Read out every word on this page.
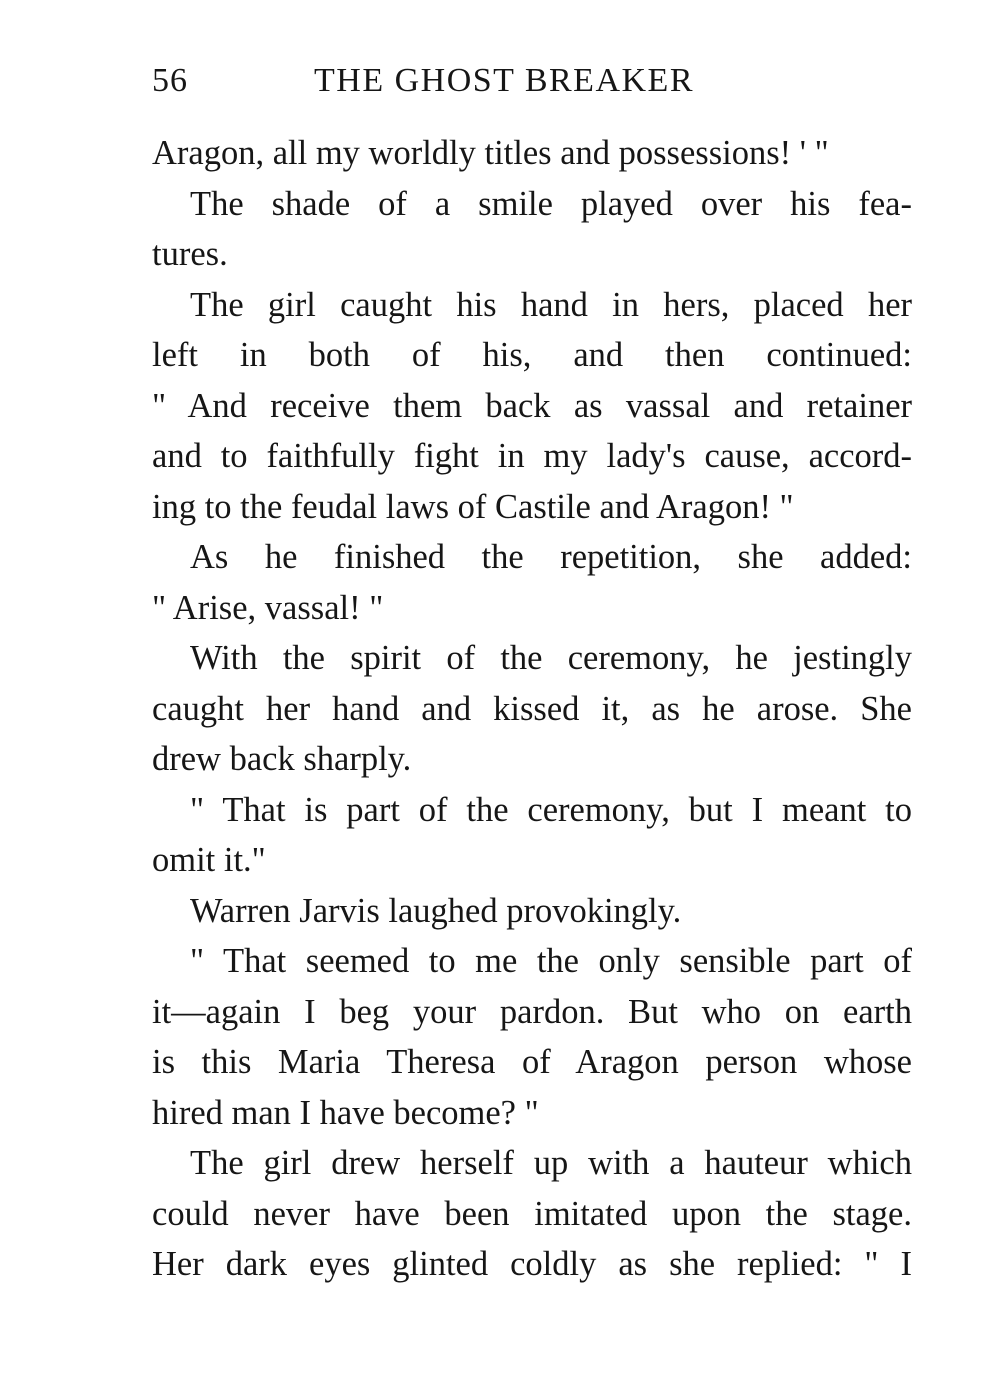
56	THE GHOST BREAKER
Aragon, all my worldly titles and possessions! ' "
The shade of a smile played over his fea-
tures.
The girl caught his hand in hers, placed her
left in both of his, and then continued:
" And receive them back as vassal and retainer
and to faithfully fight in my lady's cause, accord-
ing to the feudal laws of Castile and Aragon! "
As he finished the repetition, she added:
" Arise, vassal! "
With the spirit of the ceremony, he jestingly
caught her hand and kissed it, as he arose. She
drew back sharply.
" That is part of the ceremony, but I meant to
omit it."
Warren Jarvis laughed provokingly.
" That seemed to me the only sensible part of
it—again I beg your pardon. But who on earth
is this Maria Theresa of Aragon person whose
hired man I have become? "
The girl drew herself up with a hauteur which
could never have been imitated upon the stage.
Her dark eyes glinted coldly as she replied: " I
